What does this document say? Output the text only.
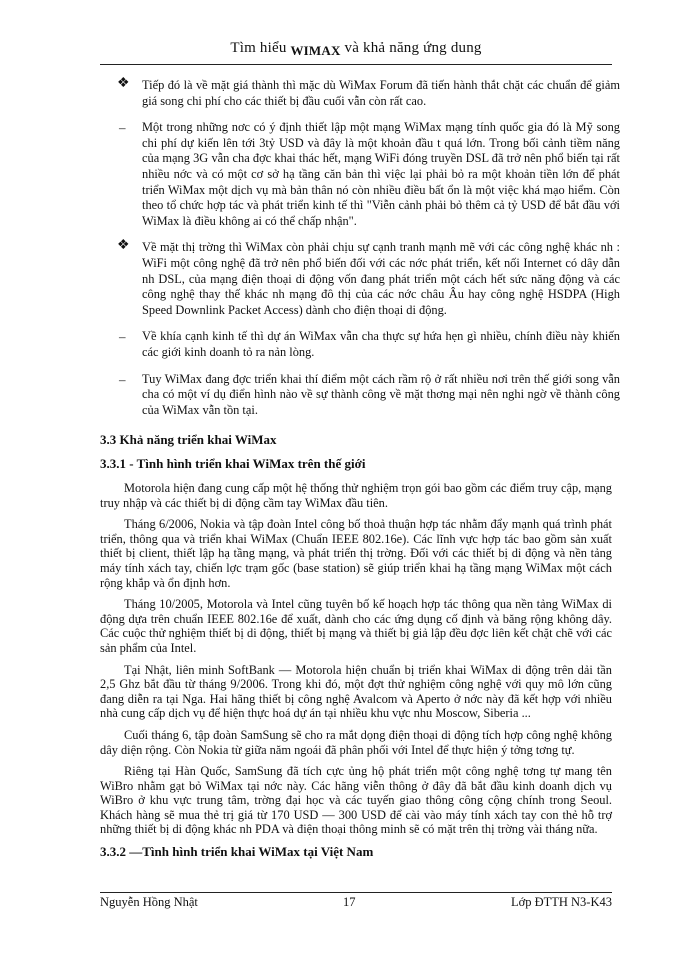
Tìm hiểu WIMAX và khả năng ứng dung
❖ Tiếp đó là về mặt giá thành thì mặc dù WiMax Forum đã tiến hành thắt chặt các chuẩn để giảm giá song chi phí cho các thiết bị đầu cuối vẫn còn rất cao.
– Một trong những nơc có ý định thiết lập một mạng WiMax mạng tính quốc gia đó là Mỹ song chi phí dự kiến lên tới 3tỷ USD và đây là một khoản đầu t quá lớn. Trong bối cảnh tiềm năng của mạng 3G vẫn cha đợc khai thác hết, mạng WiFi đóng truyền DSL đã trở nên phổ biến tại rất nhiều nớc và có một cơ sở hạ tầng căn bản thì việc lại phải bỏ ra một khoản tiền lớn để phát triển WiMax một dịch vụ mà bản thân nó còn nhiều điều bất ổn là một việc khá mạo hiểm. Còn theo tổ chức hợp tác và phát triển kinh tế thì "Viễn cảnh phải bỏ thêm cả tỷ USD để bắt đầu với WiMax là điều không ai có thể chấp nhận".
❖ Về mặt thị trờng thì WiMax còn phải chịu sự cạnh tranh mạnh mẽ với các công nghệ khác nh : WiFi một công nghệ đã trở nên phổ biến đối với các nớc phát triển, kết nối Internet có dây dẫn nh DSL, của mạng điện thoại di động vốn đang phát triển một cách hết sức năng động và các công nghệ thay thế khác nh mạng đô thị của các nớc châu Âu hay công nghệ HSDPA (High Speed Downlink Packet Access) dành cho điện thoại di động.
– Về khía cạnh kinh tế thì dự án WiMax vẫn cha thực sự hứa hẹn gì nhiều, chính điều này khiến các giới kinh doanh tỏ ra nản lòng.
– Tuy WiMax đang đợc triển khai thí điểm một cách rầm rộ ở rất nhiều nơi trên thế giới song vẫn cha có một ví dụ điển hình nào về sự thành công về mặt thơng mại nên nghi ngờ về thành công của WiMax vẫn tồn tại.
3.3 Khả năng triển khai WiMax
3.3.1 - Tình hình triển khai WiMax trên thế giới

Motorola hiện đang cung cấp một hệ thống thử nghiệm trọn gói bao gồm các điểm truy cập, mạng truy nhập và các thiết bị di động cầm tay WiMax đầu tiên.

Tháng 6/2006, Nokia và tập đoàn Intel công bố thoả thuận hợp tác nhằm đẩy mạnh quá trình phát triển, thông qua và triển khai WiMax (Chuẩn IEEE 802.16e). Các lĩnh vực hợp tác bao gồm sản xuất thiết bị client, thiết lập hạ tầng mạng, và phát triển thị trờng. Đối với các thiết bị di động và nền tảng máy tính xách tay, chiến lợc trạm gốc (base station) sẽ giúp triển khai hạ tầng mạng WiMax một cách rộng khắp và ổn định hơn.

Tháng 10/2005, Motorola và Intel cũng tuyên bố kế hoạch hợp tác thông qua nền tảng WiMax di động dựa trên chuẩn IEEE 802.16e để xuất, dành cho các ứng dụng cố định và băng rộng không dây. Các cuộc thử nghiệm thiết bị di động, thiết bị mạng và thiết bị giả lập đều đợc liên kết chặt chẽ với các sản phẩm của Intel.

Tại Nhật, liên minh SoftBank — Motorola hiện chuẩn bị triển khai WiMax di động trên dải tần 2,5 Ghz bắt đầu từ tháng 9/2006. Trong khi đó, một đợt thử nghiệm công nghệ với quy mô lớn cũng đang diễn ra tại Nga. Hai hãng thiết bị công nghệ Avalcom và Aperto ở nớc này đã kết hợp với nhiều nhà cung cấp dịch vụ để hiện thực hoá dự án tại nhiều khu vực nhu Moscow, Siberia ...

Cuối tháng 6, tập đoàn SamSung sẽ cho ra mắt dọng điện thoại di động tích hợp công nghệ không dây diện rộng. Còn Nokia từ giữa năm ngoái đã phân phối với Intel để thực hiện ý tởng tơng tự.

Riêng tại Hàn Quốc, SamSung đã tích cực ủng hộ phát triển một công nghệ tơng tự mang tên WiBro nhằm gạt bỏ WiMax tại nớc này. Các hãng viễn thông ở đây đã bắt đầu kinh doanh dịch vụ WiBro ở khu vực trung tâm, trờng đại học và các tuyến giao thông công cộng chính trong Seoul. Khách hàng sẽ mua thẻ trị giá từ 170 USD — 300 USD để cài vào máy tính xách tay con thẻ hỗ trợ những thiết bị di động khác nh PDA và điện thoại thông minh sẽ có mặt trên thị trờng vài tháng nữa.

3.3.2 —Tình hình triển khai WiMax tại Việt Nam
Nguyễn Hồng Nhật	17	Lớp ĐTTH N3-K43
